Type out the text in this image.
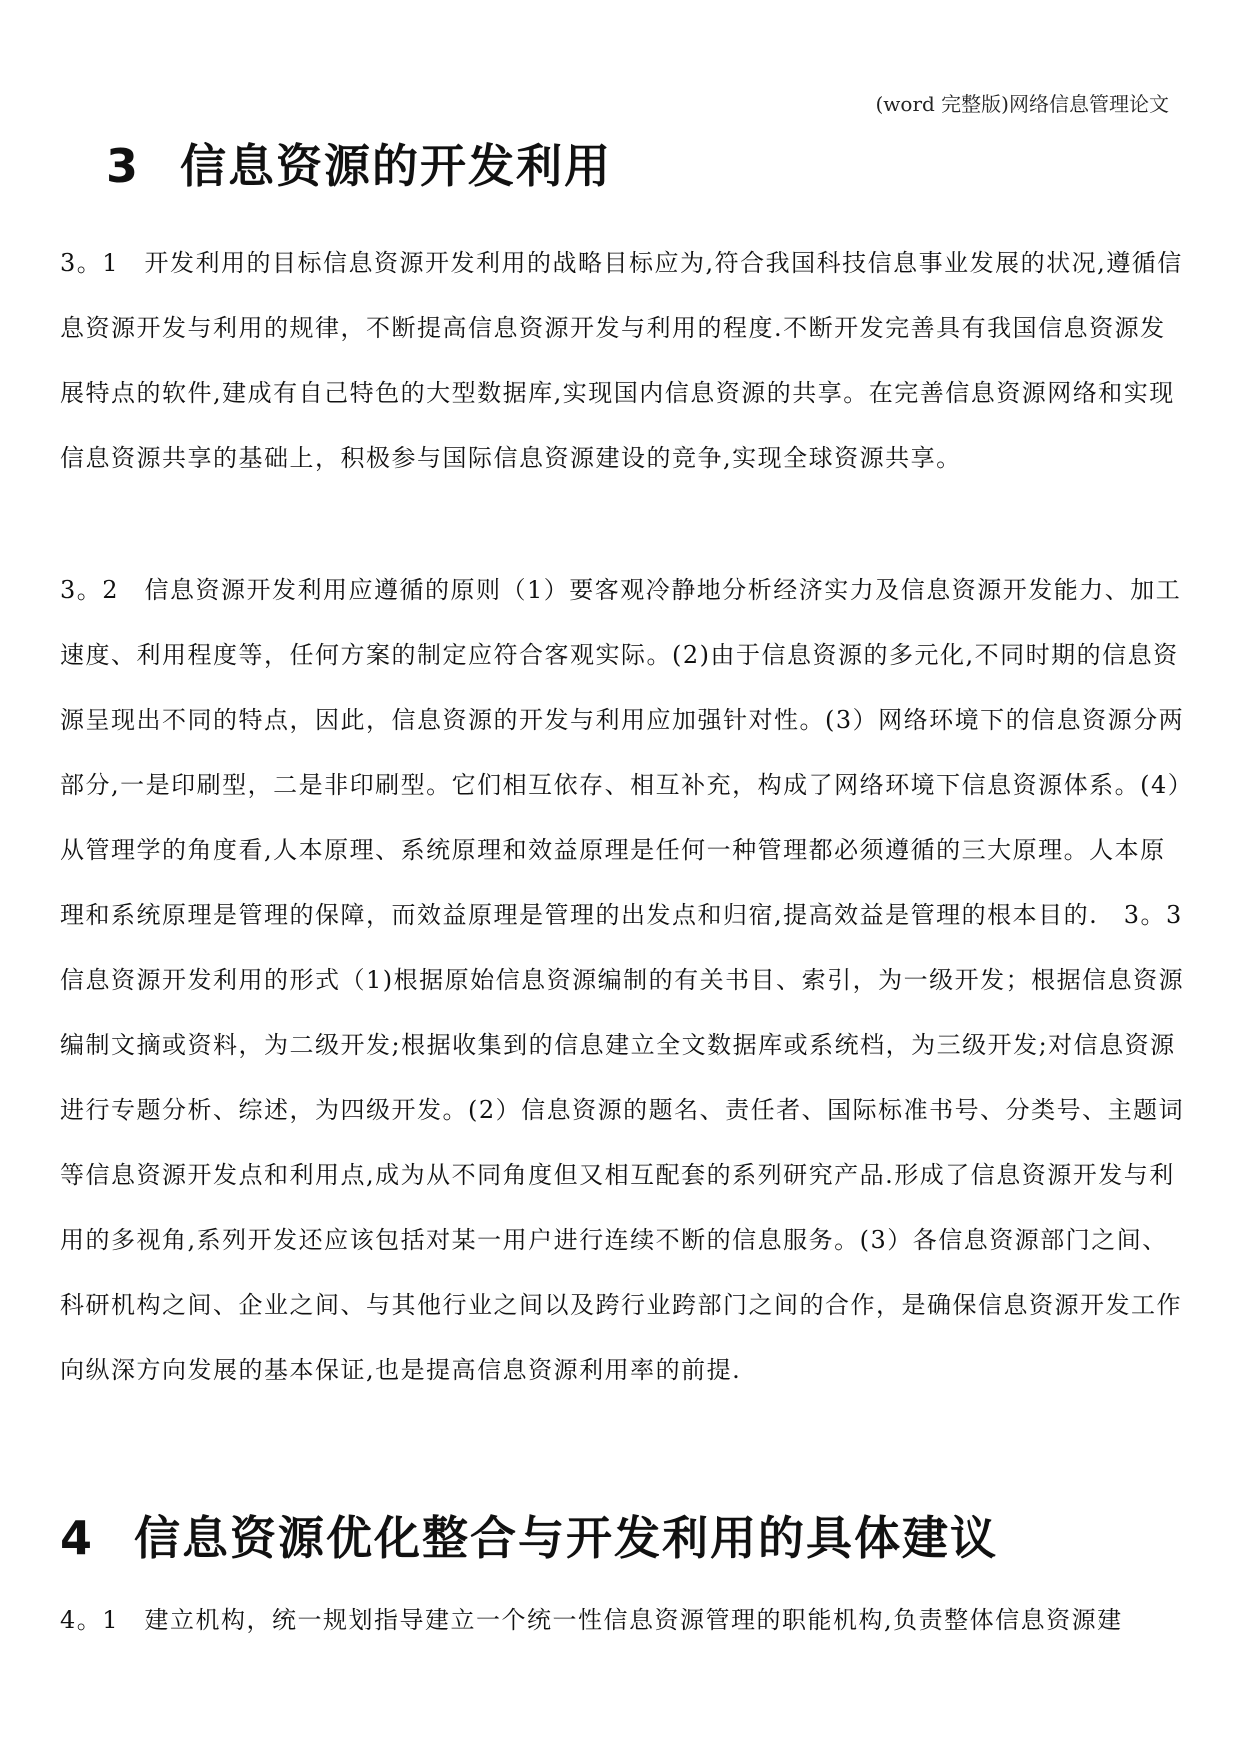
(word 完整版)网络信息管理论文
3 信息资源的开发利用

3。1　开发利用的目标信息资源开发利用的战略目标应为,符合我国科技信息事业发展的状况,遵循信息资源开发与利用的规律，不断提高信息资源开发与利用的程度.不断开发完善具有我国信息资源发展特点的软件,建成有自己特色的大型数据库,实现国内信息资源的共享。在完善信息资源网络和实现信息资源共享的基础上，积极参与国际信息资源建设的竞争,实现全球资源共享。

3。2　信息资源开发利用应遵循的原则（1）要客观冷静地分析经济实力及信息资源开发能力、加工速度、利用程度等，任何方案的制定应符合客观实际。(2)由于信息资源的多元化,不同时期的信息资源呈现出不同的特点，因此，信息资源的开发与利用应加强针对性。(3）网络环境下的信息资源分两部分,一是印刷型，二是非印刷型。它们相互依存、相互补充，构成了网络环境下信息资源体系。(4）从管理学的角度看,人本原理、系统原理和效益原理是任何一种管理都必须遵循的三大原理。人本原理和系统原理是管理的保障，而效益原理是管理的出发点和归宿,提高效益是管理的根本目的.　3。3　信息资源开发利用的形式（1)根据原始信息资源编制的有关书目、索引，为一级开发；根据信息资源编制文摘或资料，为二级开发;根据收集到的信息建立全文数据库或系统档，为三级开发;对信息资源进行专题分析、综述，为四级开发。(2）信息资源的题名、责任者、国际标准书号、分类号、主题词等信息资源开发点和利用点,成为从不同角度但又相互配套的系列研究产品.形成了信息资源开发与利用的多视角,系列开发还应该包括对某一用户进行连续不断的信息服务。(3）各信息资源部门之间、科研机构之间、企业之间、与其他行业之间以及跨行业跨部门之间的合作，是确保信息资源开发工作向纵深方向发展的基本保证,也是提高信息资源利用率的前提.

4 信息资源优化整合与开发利用的具体建议

4。1　建立机构，统一规划指导建立一个统一性信息资源管理的职能机构,负责整体信息资源建
